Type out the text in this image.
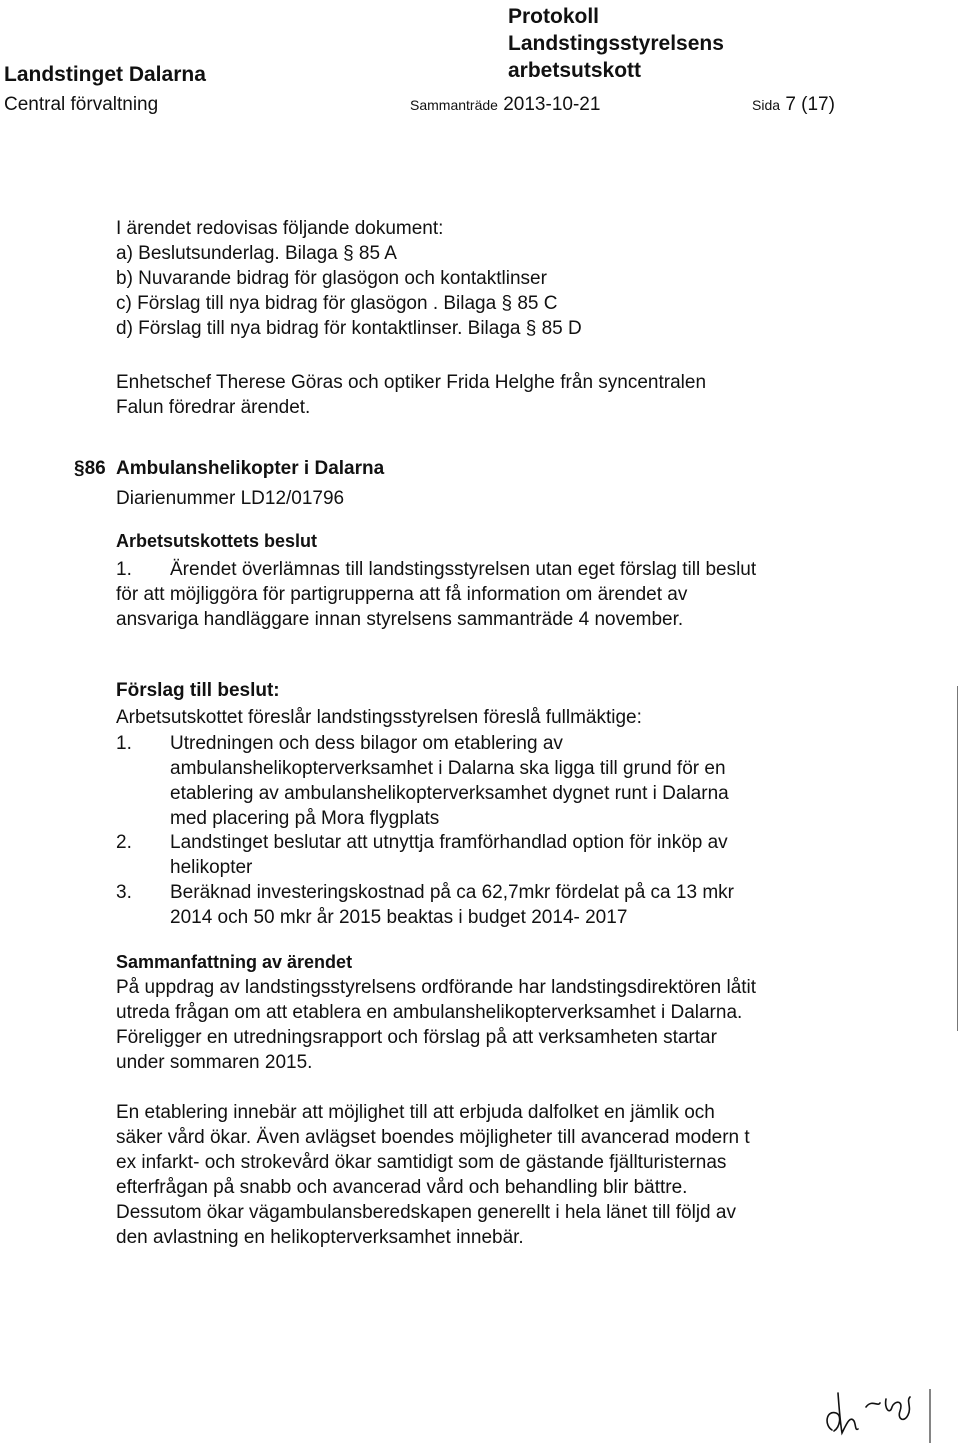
Landstinget Dalarna
Central förvaltning
Protokoll
Landstingsstyrelsens
arbetsutskott
Sammanträde 2013-10-21	Sida 7 (17)
I ärendet redovisas följande dokument:
a) Beslutsunderlag. Bilaga § 85 A
b) Nuvarande bidrag för glasögon och kontaktlinser
c) Förslag till nya bidrag för glasögon . Bilaga § 85 C
d) Förslag till nya bidrag för kontaktlinser. Bilaga § 85 D
Enhetschef Therese Göras och optiker Frida Helghe från syncentralen
Falun föredrar ärendet.
§86 Ambulanshelikopter i Dalarna
Diarienummer LD12/01796
Arbetsutskottets beslut
1. Ärendet överlämnas till landstingsstyrelsen utan eget förslag till beslut
för att möjliggöra för partigrupperna att få information om ärendet av
ansvariga handläggare innan styrelsens sammanträde 4 november.
Förslag till beslut:
Arbetsutskottet föreslår landstingsstyrelsen föreslå fullmäktige:
1. Utredningen och dess bilagor om etablering av
ambulanshelikopterverksamhet i Dalarna ska ligga till grund för en
etablering av ambulanshelikopterverksamhet dygnet runt i Dalarna
med placering på Mora flygplats
2. Landstinget beslutar att utnyttja framförhandlad option för inköp av
helikopter
3. Beräknad investeringskostnad på ca 62,7mkr fördelat på ca 13 mkr
2014 och 50 mkr år 2015 beaktas i budget 2014- 2017
Sammanfattning av ärendet
På uppdrag av landstingsstyrelsens ordförande har landstingsdirektören låtit
utreda frågan om att etablera en ambulanshelikopterverksamhet i Dalarna.
Föreligger en utredningsrapport och förslag på att verksamheten startar
under sommaren 2015.
En etablering innebär att möjlighet till att erbjuda dalfolket en jämlik och
säker vård ökar. Även avlägset boendes möjligheter till avancerad modern t
ex infarkt- och strokevård ökar samtidigt som de gästande fjällturisternas
efterfrågan på snabb och avancerad vård och behandling blir bättre.
Dessutom ökar vägambulansberedskapen generellt i hela länet till följd av
den avlastning en helikopterverksamhet innebär.
